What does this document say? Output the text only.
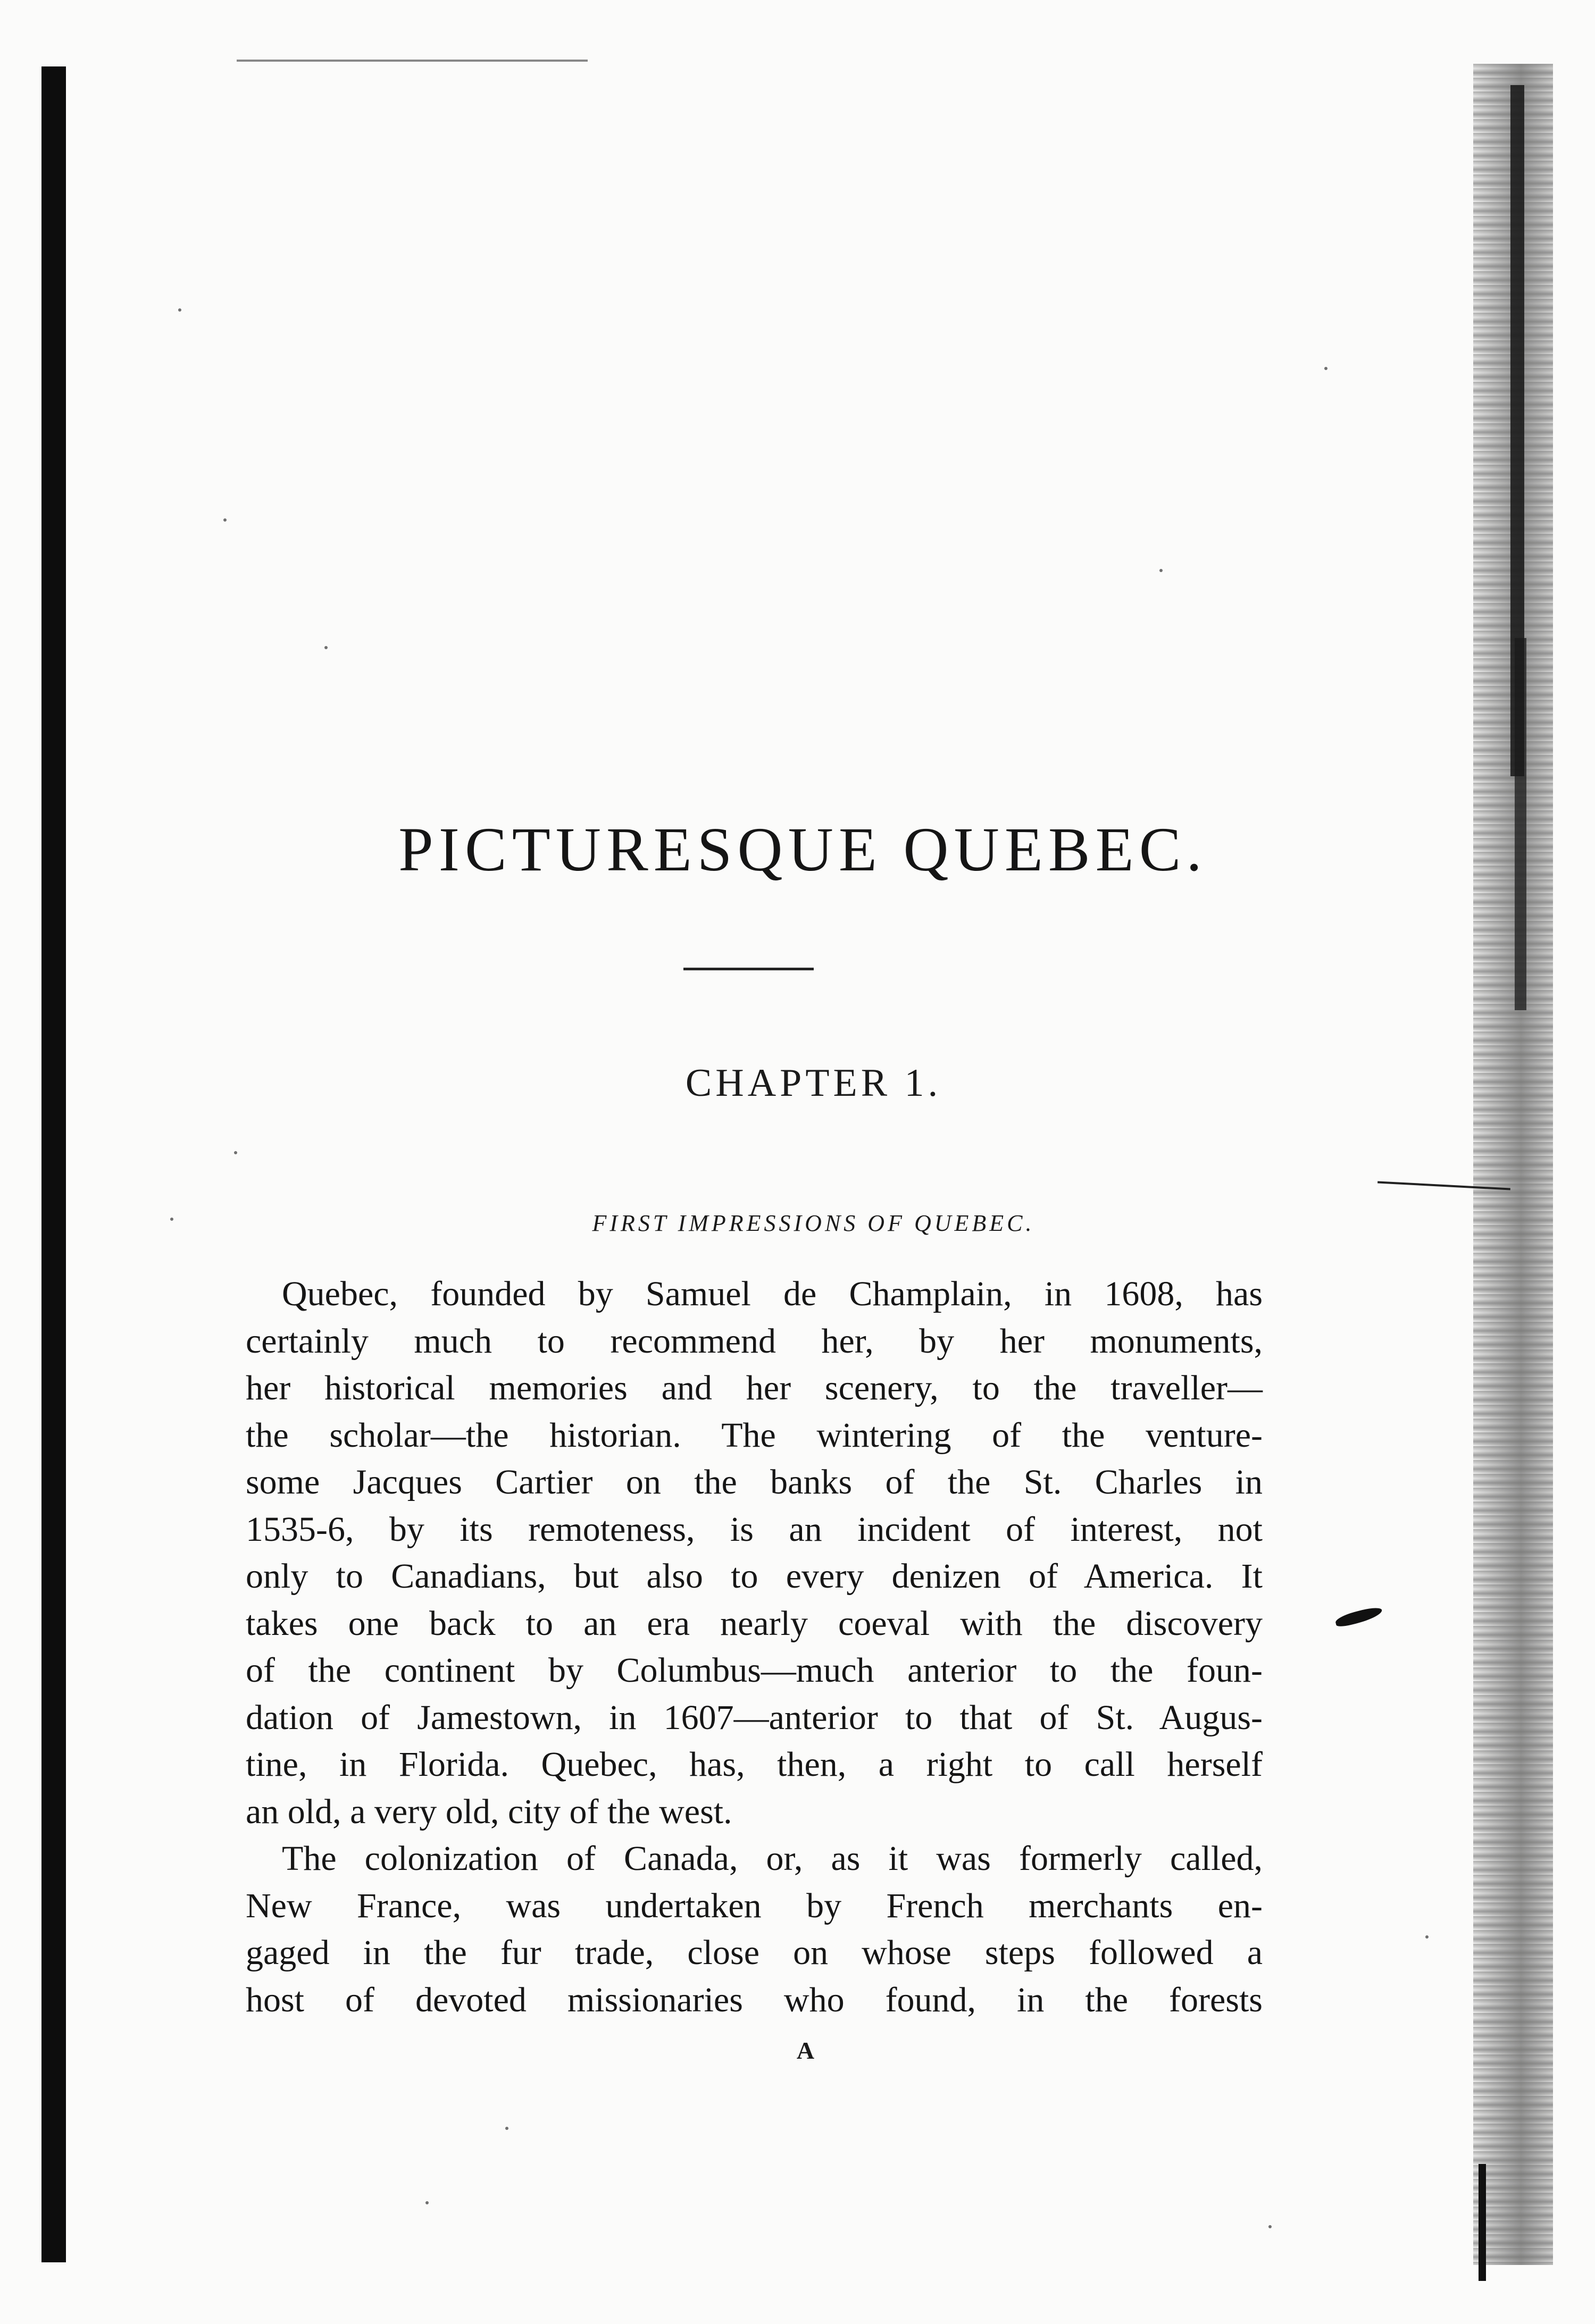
PICTURESQUE QUEBEC.
CHAPTER 1.
FIRST IMPRESSIONS OF QUEBEC.
Quebec, founded by Samuel de Champlain, in 1608, has
certainly much to recommend her, by her monuments,
her historical memories and her scenery, to the traveller—
the scholar—the historian. The wintering of the venture-
some Jacques Cartier on the banks of the St. Charles in
1535-6, by its remoteness, is an incident of interest, not
only to Canadians, but also to every denizen of America. It
takes one back to an era nearly coeval with the discovery
of the continent by Columbus—much anterior to the foun-
dation of Jamestown, in 1607—anterior to that of St. Augus-
tine, in Florida. Quebec, has, then, a right to call herself
an old, a very old, city of the west.
The colonization of Canada, or, as it was formerly called,
New France, was undertaken by French merchants en-
gaged in the fur trade, close on whose steps followed a
host of devoted missionaries who found, in the forests
A
